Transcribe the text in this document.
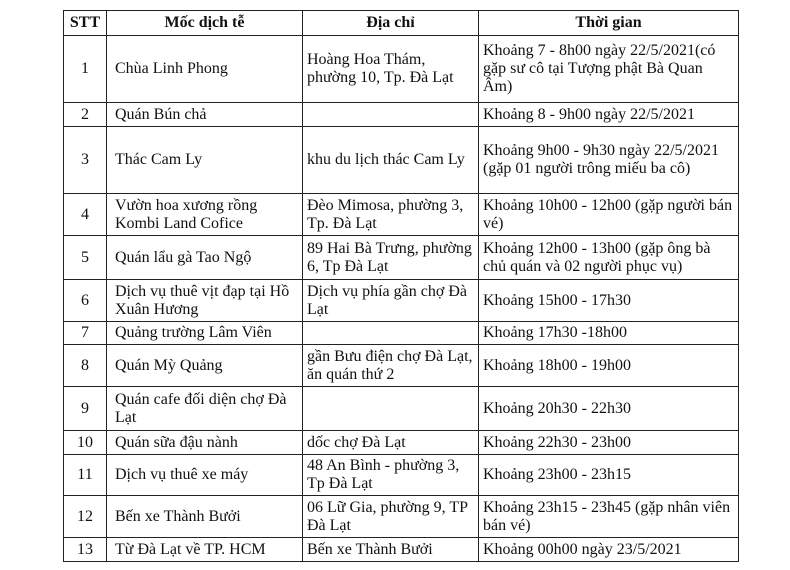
STT	Mốc dịch tễ	Địa chỉ	Thời gian
1	Chùa Linh Phong	Hoàng Hoa Thám, phường 10, Tp. Đà Lạt	Khoảng 7 - 8h00 ngày 22/5/2021(có gặp sư cô tại Tượng phật Bà Quan Âm)
2	Quán Bún chả		Khoảng 8 - 9h00 ngày 22/5/2021
3	Thác Cam Ly	khu du lịch thác Cam Ly	Khoảng 9h00 - 9h30 ngày 22/5/2021 (gặp 01 người trông miếu ba cô)
4	Vườn hoa xương rồng Kombi Land Cofice	Đèo Mimosa, phường 3, Tp. Đà Lạt	Khoảng 10h00 - 12h00 (gặp người bán vé)
5	Quán lẩu gà Tao Ngộ	89 Hai Bà Trưng, phường 6, Tp Đà Lạt	Khoảng 12h00 - 13h00 (gặp ông bà chủ quán và 02 người phục vụ)
6	Dịch vụ thuê vịt đạp tại Hồ Xuân Hương	Dịch vụ phía gần chợ Đà Lạt	Khoảng 15h00 - 17h30
7	Quảng trường Lâm Viên		Khoảng 17h30 -18h00
8	Quán Mỳ Quảng	gần Bưu điện chợ Đà Lạt, ăn quán thứ 2	Khoảng 18h00 - 19h00
9	Quán cafe đối diện chợ Đà Lạt		Khoảng 20h30 - 22h30
10	Quán sữa đậu nành	dốc chợ Đà Lạt	Khoảng 22h30 - 23h00
11	Dịch vụ thuê xe máy	48 An Bình - phường 3, Tp Đà Lạt	Khoảng 23h00 - 23h15
12	Bến xe Thành Bưởi	06 Lữ Gia, phường 9, TP Đà Lạt	Khoảng 23h15 - 23h45 (gặp nhân viên bán vé)
13	Từ Đà Lạt về TP. HCM	Bến xe Thành Bưởi	Khoảng 00h00 ngày 23/5/2021
